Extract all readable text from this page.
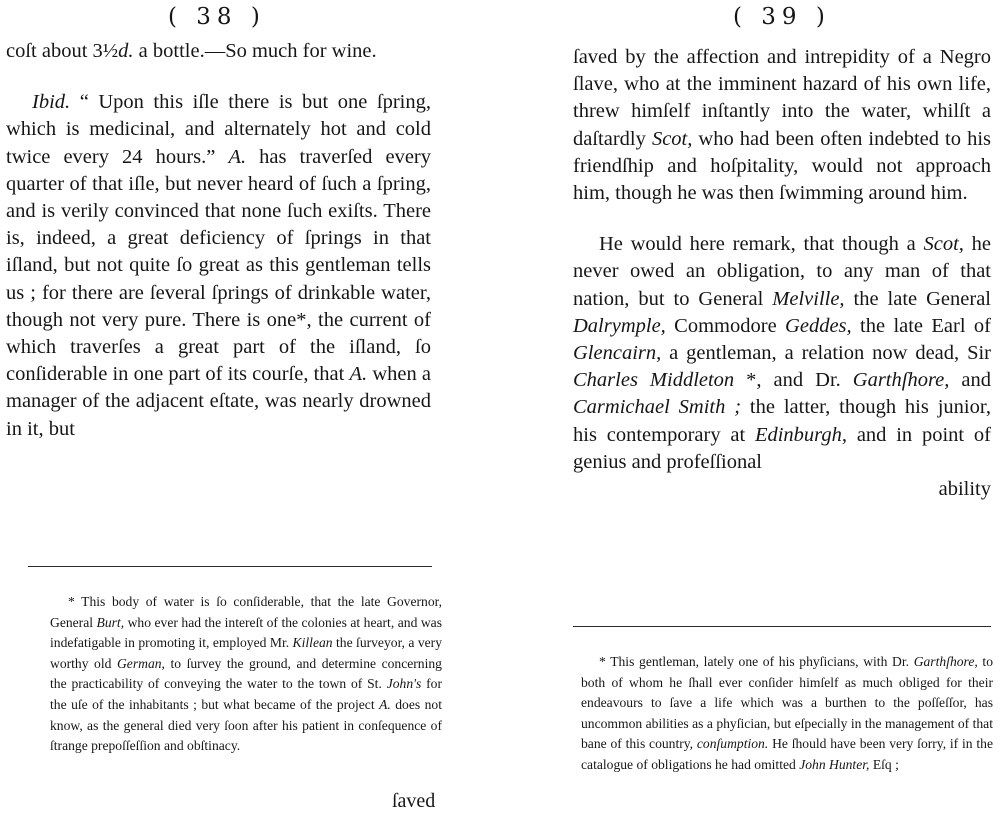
( 38 )

coſt about 3½d. a bottle.—So much for wine.

Ibid. “ Upon this iſle there is but one ſpring, which is medicinal, and alternately hot and cold twice every 24 hours.” A. has traverſed every quarter of that iſle, but never heard of ſuch a ſpring, and is verily convinced that none ſuch exiſts. There is, indeed, a great deficiency of ſprings in that iſland, but not quite ſo great as this gentleman tells us ; for there are ſeveral ſprings of drinkable water, though not very pure. There is one*, the current of which traverſes a great part of the iſland, ſo conſiderable in one part of its courſe, that A. when a manager of the adjacent eſtate, was nearly drowned in it, but

* This body of water is ſo conſiderable, that the late Governor, General Burt, who ever had the intereſt of the colonies at heart, and was indefatigable in promoting it, employed Mr. Killean the ſurveyor, a very worthy old German, to ſurvey the ground, and determine concerning the practicability of conveying the water to the town of St. John's for the uſe of the inhabitants ; but what became of the project A. does not know, as the general died very ſoon after his patient in conſequence of ſtrange prepoſſeſſion and obſtinacy.

ſaved
( 39 )

ſaved by the affection and intrepidity of a Negro ſlave, who at the imminent hazard of his own life, threw himſelf inſtantly into the water, whilſt a daſtardly Scot, who had been often indebted to his friendſhip and hoſpitality, would not approach him, though he was then ſwimming around him.

He would here remark, that though a Scot, he never owed an obligation, to any man of that nation, but to General Melville, the late General Dalrymple, Commodore Geddes, the late Earl of Glencairn, a gentleman, a relation now dead, Sir Charles Middleton *, and Dr. Garthſhore, and Carmichael Smith ; the latter, though his junior, his contemporary at Edinburgh, and in point of genius and profeſſional

ability

* This gentleman, lately one of his phyſicians, with Dr. Garthſhore, to both of whom he ſhall ever conſider himſelf as much obliged for their endeavours to ſave a life which was a burthen to the poſſeſſor, has uncommon abilities as a phyſician, but eſpecially in the management of that bane of this country, conſumption. He ſhould have been very ſorry, if in the catalogue of obligations he had omitted John Hunter, Eſq ;
